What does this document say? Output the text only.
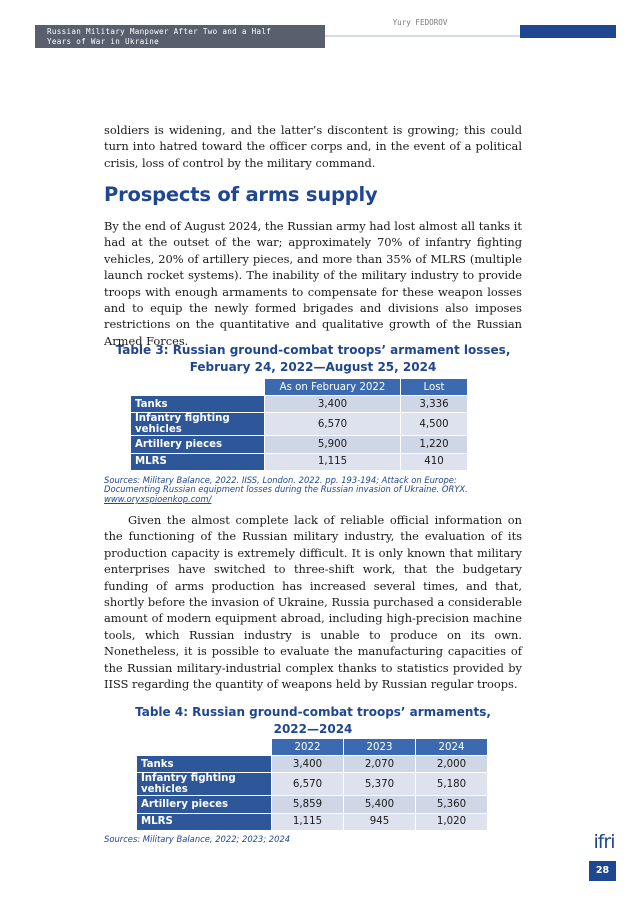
Russian Military Manpower After Two and a Half
Years of War in Ukraine
Yury FEDOROV

soldiers is widening, and the latter’s discontent is growing; this could turn into hatred toward the officer corps and, in the event of a political crisis, loss of control by the military command.

Prospects of arms supply

By the end of August 2024, the Russian army had lost almost all tanks it had at the outset of the war; approximately 70% of infantry fighting vehicles, 20% of artillery pieces, and more than 35% of MLRS (multiple launch rocket systems). The inability of the military industry to provide troops with enough armaments to compensate for these weapon losses and to equip the newly formed brigades and divisions also imposes restrictions on the quantitative and qualitative growth of the Russian Armed Forces.

Table 3: Russian ground-combat troops’ armament losses,
February 24, 2022—August 25, 2024
	As on February 2022	Lost
Tanks	3,400	3,336
Infantry fighting vehicles	6,570	4,500
Artillery pieces	5,900	1,220
MLRS	1,115	410
Sources: Military Balance, 2022. IISS, London. 2022. pp. 193-194; Attack on Europe:
Documenting Russian equipment losses during the Russian invasion of Ukraine. ORYX.
www.oryxspioenkop.com/

Given the almost complete lack of reliable official information on the functioning of the Russian military industry, the evaluation of its production capacity is extremely difficult. It is only known that military enterprises have switched to three-shift work, that the budgetary funding of arms production has increased several times, and that, shortly before the invasion of Ukraine, Russia purchased a considerable amount of modern equipment abroad, including high-precision machine tools, which Russian industry is unable to produce on its own. Nonetheless, it is possible to evaluate the manufacturing capacities of the Russian military-industrial complex thanks to statistics provided by IISS regarding the quantity of weapons held by Russian regular troops.

Table 4: Russian ground-combat troops’ armaments,
2022—2024
	2022	2023	2024
Tanks	3,400	2,070	2,000
Infantry fighting vehicles	6,570	5,370	5,180
Artillery pieces	5,859	5,400	5,360
MLRS	1,115	945	1,020
Sources: Military Balance, 2022; 2023; 2024	ifri
28
